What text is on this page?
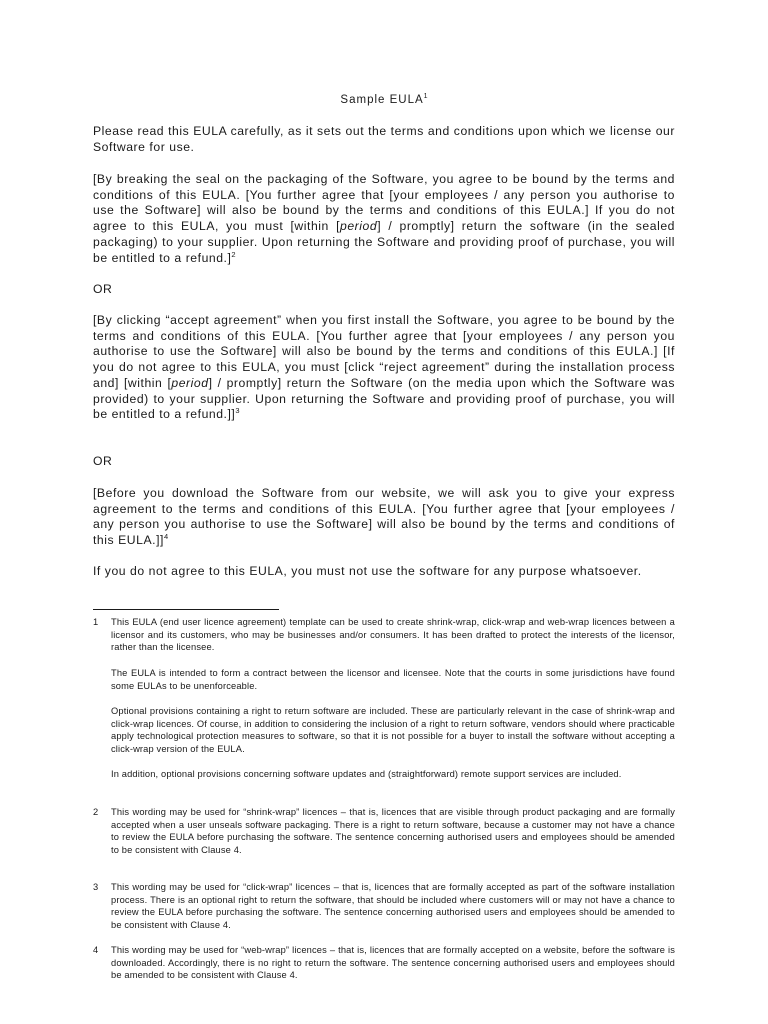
Sample EULA$^1$

Please read this EULA carefully, as it sets out the terms and conditions upon which we license our Software for use.

[By breaking the seal on the packaging of the Software, you agree to be bound by the terms and conditions of this EULA. [You further agree that [your employees / any person you authorise to use the Software] will also be bound by the terms and conditions of this EULA.] If you do not agree to this EULA, you must [within [period] / promptly] return the software (in the sealed packaging) to your supplier. Upon returning the Software and providing proof of purchase, you will be entitled to a refund.]$^2$

OR

[By clicking “accept agreement” when you first install the Software, you agree to be bound by the terms and conditions of this EULA. [You further agree that [your employees / any person you authorise to use the Software] will also be bound by the terms and conditions of this EULA.] [If you do not agree to this EULA, you must [click “reject agreement” during the installation process and] [within [period] / promptly] return the Software (on the media upon which the Software was provided) to your supplier. Upon returning the Software and providing proof of purchase, you will be entitled to a refund.]]$^3$

OR

[Before you download the Software from our website, we will ask you to give your express agreement to the terms and conditions of this EULA. [You further agree that [your employees / any person you authorise to use the Software] will also be bound by the terms and conditions of this EULA.]]$^4$

If you do not agree to this EULA, you must not use the software for any purpose whatsoever.

1 This EULA (end user licence agreement) template can be used to create shrink-wrap, click-wrap and web-wrap licences between a licensor and its customers, who may be businesses and/or consumers. It has been drafted to protect the interests of the licensor, rather than the licensee.
The EULA is intended to form a contract between the licensor and licensee. Note that the courts in some jurisdictions have found some EULAs to be unenforceable.
Optional provisions containing a right to return software are included. These are particularly relevant in the case of shrink-wrap and click-wrap licences. Of course, in addition to considering the inclusion of a right to return software, vendors should where practicable apply technological protection measures to software, so that it is not possible for a buyer to install the software without accepting a click-wrap version of the EULA.
In addition, optional provisions concerning software updates and (straightforward) remote support services are included.
2 This wording may be used for “shrink-wrap” licences – that is, licences that are visible through product packaging and are formally accepted when a user unseals software packaging. There is a right to return software, because a customer may not have a chance to review the EULA before purchasing the software. The sentence concerning authorised users and employees should be amended to be consistent with Clause 4.
3 This wording may be used for “click-wrap” licences – that is, licences that are formally accepted as part of the software installation process. There is an optional right to return the software, that should be included where customers will or may not have a chance to review the EULA before purchasing the software. The sentence concerning authorised users and employees should be amended to be consistent with Clause 4.
4 This wording may be used for “web-wrap” licences – that is, licences that are formally accepted on a website, before the software is downloaded. Accordingly, there is no right to return the software. The sentence concerning authorised users and employees should be amended to be consistent with Clause 4.
